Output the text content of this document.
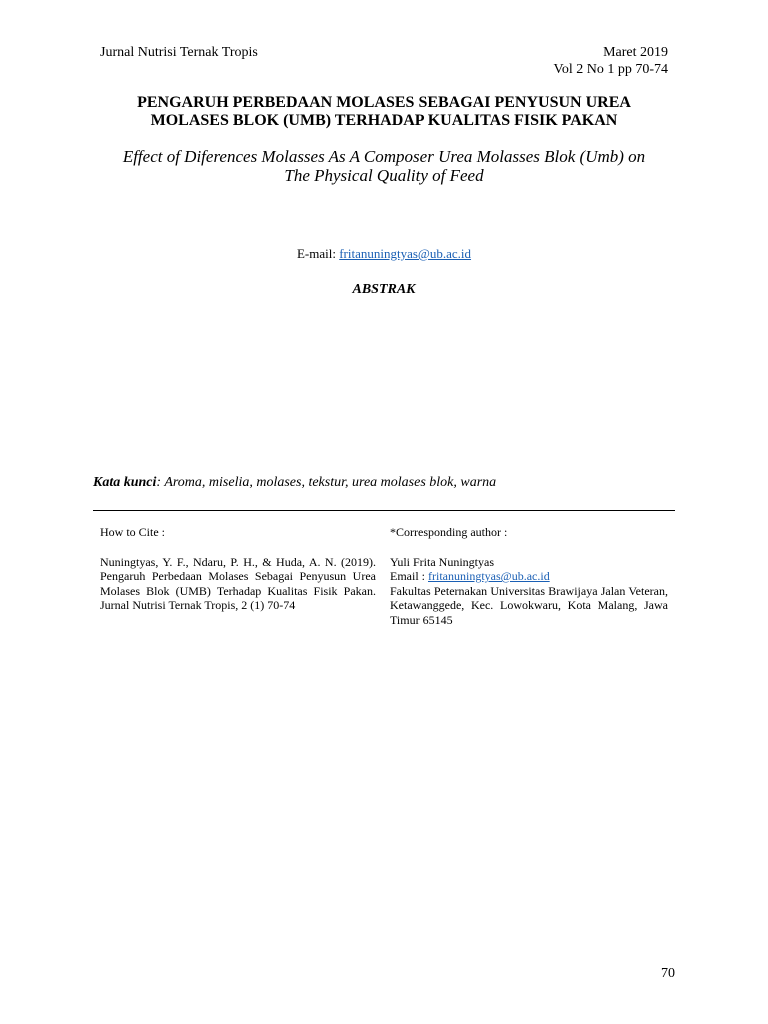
Jurnal Nutrisi Ternak Tropis	Maret 2019
Vol 2 No 1 pp 70-74
PENGARUH PERBEDAAN MOLASES SEBAGAI PENYUSUN UREA
MOLASES BLOK (UMB) TERHADAP KUALITAS FISIK PAKAN
Effect of Diferences Molasses As A Composer Urea Molasses Blok (Umb) on
The Physical Quality of Feed
E-mail: fritanuningtyas@ub.ac.id
ABSTRAK
Kata kunci: Aroma, miselia, molases, tekstur, urea molases blok, warna
How to Cite :
Nuningtyas, Y. F., Ndaru, P. H., & Huda, A. N. (2019). Pengaruh Perbedaan Molases Sebagai Penyusun Urea Molases Blok (UMB) Terhadap Kualitas Fisik Pakan. Jurnal Nutrisi Ternak Tropis, 2 (1) 70-74
*Corresponding author :
Yuli Frita Nuningtyas
Email : fritanuningtyas@ub.ac.id
Fakultas Peternakan Universitas Brawijaya Jalan Veteran, Ketawanggede, Kec. Lowokwaru, Kota Malang, Jawa Timur 65145
70
